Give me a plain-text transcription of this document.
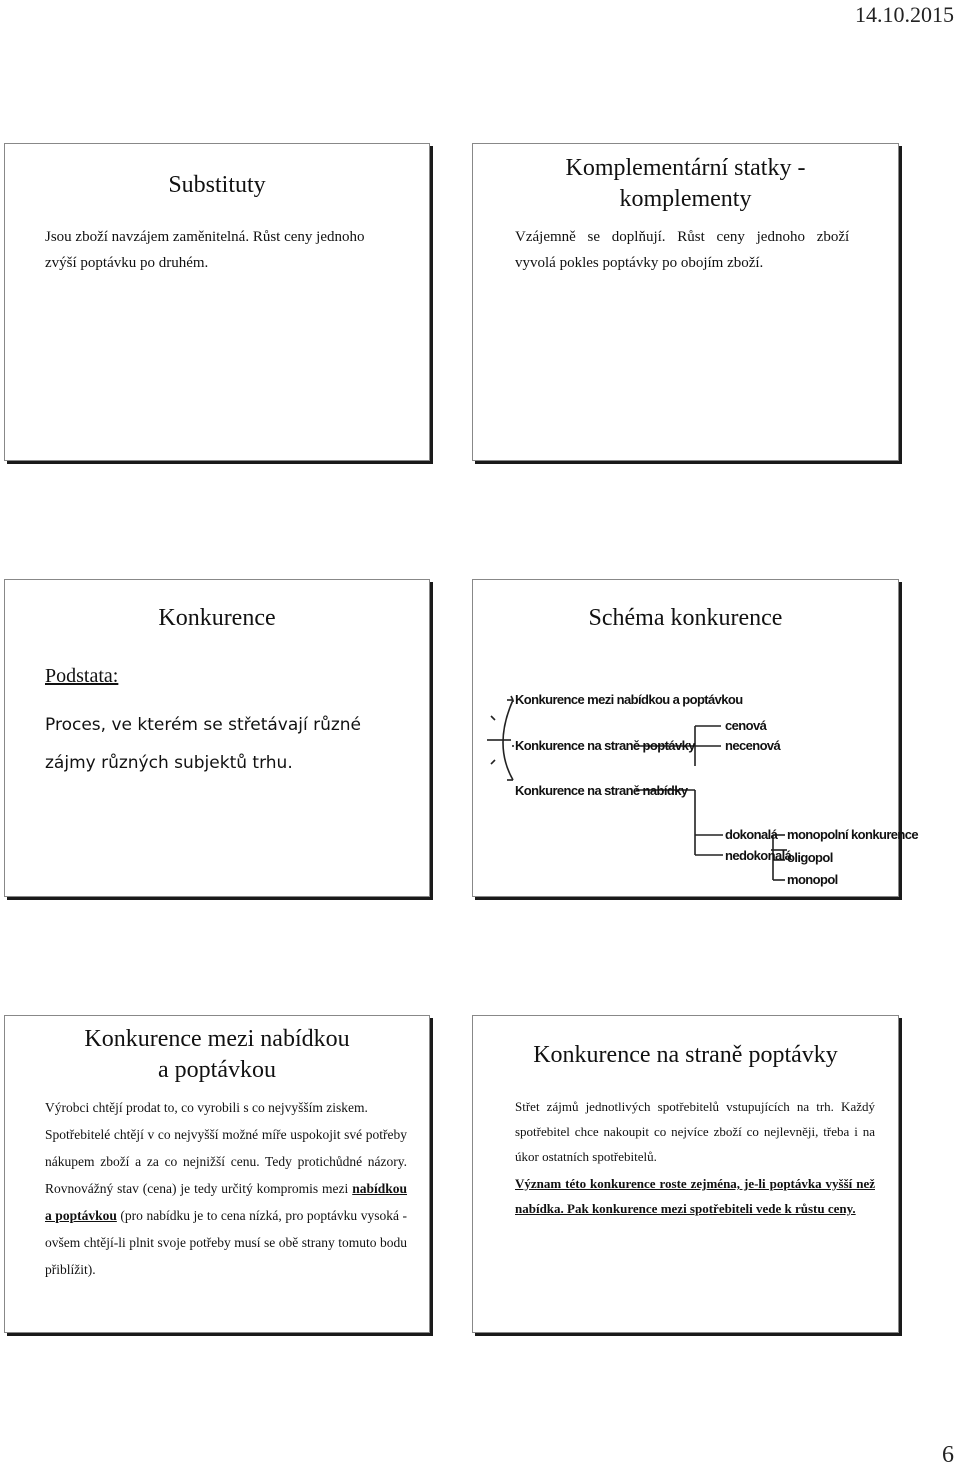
14.10.2015
Substituty
Jsou zboží navzájem zaměnitelná. Růst ceny jednoho
zvýší poptávku po druhém.
Komplementární statky -
komplementy
Vzájemně se doplňují. Růst ceny jednoho zboží
vyvolá pokles poptávky po obojím zboží.
Konkurence
Podstata:
Proces, ve kterém se střetávají různé
zájmy různých subjektů trhu.
Schéma konkurence
Konkurence mezi nabídkou a poptávkou
Konkurence na straně poptávky
Konkurence na straně nabídky
cenová
necenová
dokonalá
nedokonalá
monopolní konkurence
oligopol
monopol
Konkurence mezi nabídkou
a poptávkou
Výrobci chtějí prodat to, co vyrobili s co nejvyšším ziskem.
Spotřebitelé chtějí v co nejvyšší možné míře uspokojit své potřeby nákupem zboží a za co nejnižší cenu. Tedy protichůdné názory. Rovnovážný stav (cena) je tedy určitý kompromis mezi nabídkou a poptávkou (pro nabídku je to cena nízká, pro poptávku vysoká - ovšem chtějí-li plnit svoje potřeby musí se obě strany tomuto bodu přiblížit).
Konkurence na straně poptávky
Střet zájmů jednotlivých spotřebitelů vstupujících na trh. Každý spotřebitel chce nakoupit co nejvíce zboží co nejlevněji, třeba i na úkor ostatních spotřebitelů.
Význam této konkurence roste zejména, je-li poptávka vyšší než nabídka. Pak konkurence mezi spotřebiteli vede k růstu ceny.
6
